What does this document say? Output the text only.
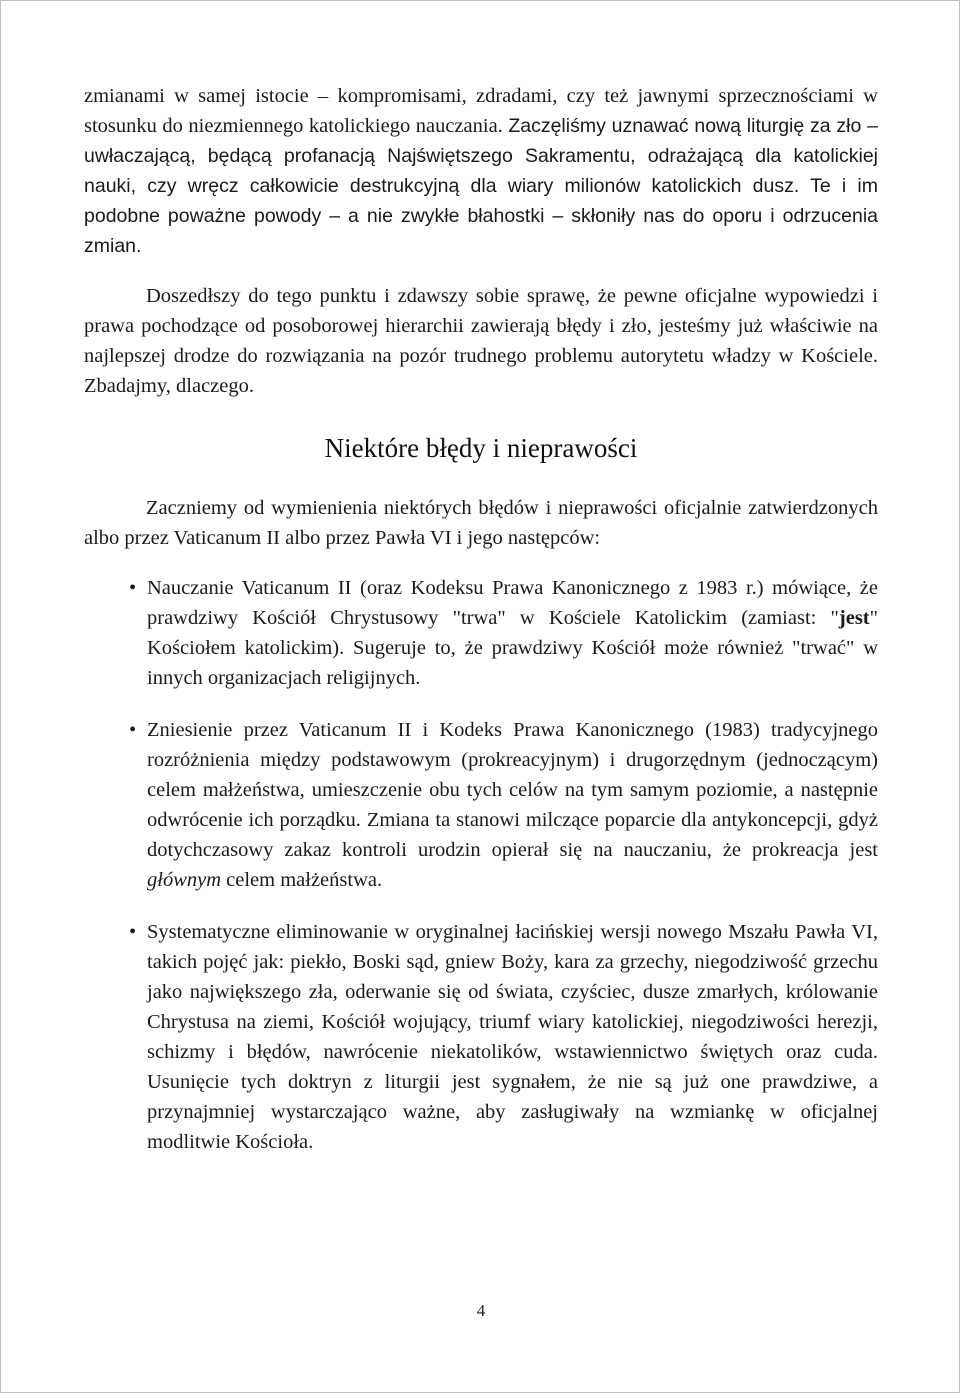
zmianami w samej istocie – kompromisami, zdradami, czy też jawnymi sprzecznościami w stosunku do niezmiennego katolickiego nauczania. Zaczęliśmy uznawać nową liturgię za zło – uwłaczającą, będącą profanacją Najświętszego Sakramentu, odrażającą dla katolickiej nauki, czy wręcz całkowicie destrukcyjną dla wiary milionów katolickich dusz. Te i im podobne poważne powody – a nie zwykłe błahostki – skłoniły nas do oporu i odrzucenia zmian.

Doszedłszy do tego punktu i zdawszy sobie sprawę, że pewne oficjalne wypowiedzi i prawa pochodzące od posoborowej hierarchii zawierają błędy i zło, jesteśmy już właściwie na najlepszej drodze do rozwiązania na pozór trudnego problemu autorytetu władzy w Kościele. Zbadajmy, dlaczego.

Niektóre błędy i nieprawości

Zaczniemy od wymienienia niektórych błędów i nieprawości oficjalnie zatwierdzonych albo przez Vaticanum II albo przez Pawła VI i jego następców:

• Nauczanie Vaticanum II (oraz Kodeksu Prawa Kanonicznego z 1983 r.) mówiące, że prawdziwy Kościół Chrystusowy "trwa" w Kościele Katolickim (zamiast: "jest" Kościołem katolickim). Sugeruje to, że prawdziwy Kościół może również "trwać" w innych organizacjach religijnych.

• Zniesienie przez Vaticanum II i Kodeks Prawa Kanonicznego (1983) tradycyjnego rozróżnienia między podstawowym (prokreacyjnym) i drugorzędnym (jednoczącym) celem małżeństwa, umieszczenie obu tych celów na tym samym poziomie, a następnie odwrócenie ich porządku. Zmiana ta stanowi milczące poparcie dla antykoncepcji, gdyż dotychczasowy zakaz kontroli urodzin opierał się na nauczaniu, że prokreacja jest głównym celem małżeństwa.

• Systematyczne eliminowanie w oryginalnej łacińskiej wersji nowego Mszału Pawła VI, takich pojęć jak: piekło, Boski sąd, gniew Boży, kara za grzechy, niegodziwość grzechu jako największego zła, oderwanie się od świata, czyściec, dusze zmarłych, królowanie Chrystusa na ziemi, Kościół wojujący, triumf wiary katolickiej, niegodziwości herezji, schizmy i błędów, nawrócenie niekatolików, wstawiennictwo świętych oraz cuda. Usunięcie tych doktryn z liturgii jest sygnałem, że nie są już one prawdziwe, a przynajmniej wystarczająco ważne, aby zasługiwały na wzmiankę w oficjalnej modlitwie Kościoła.

4
